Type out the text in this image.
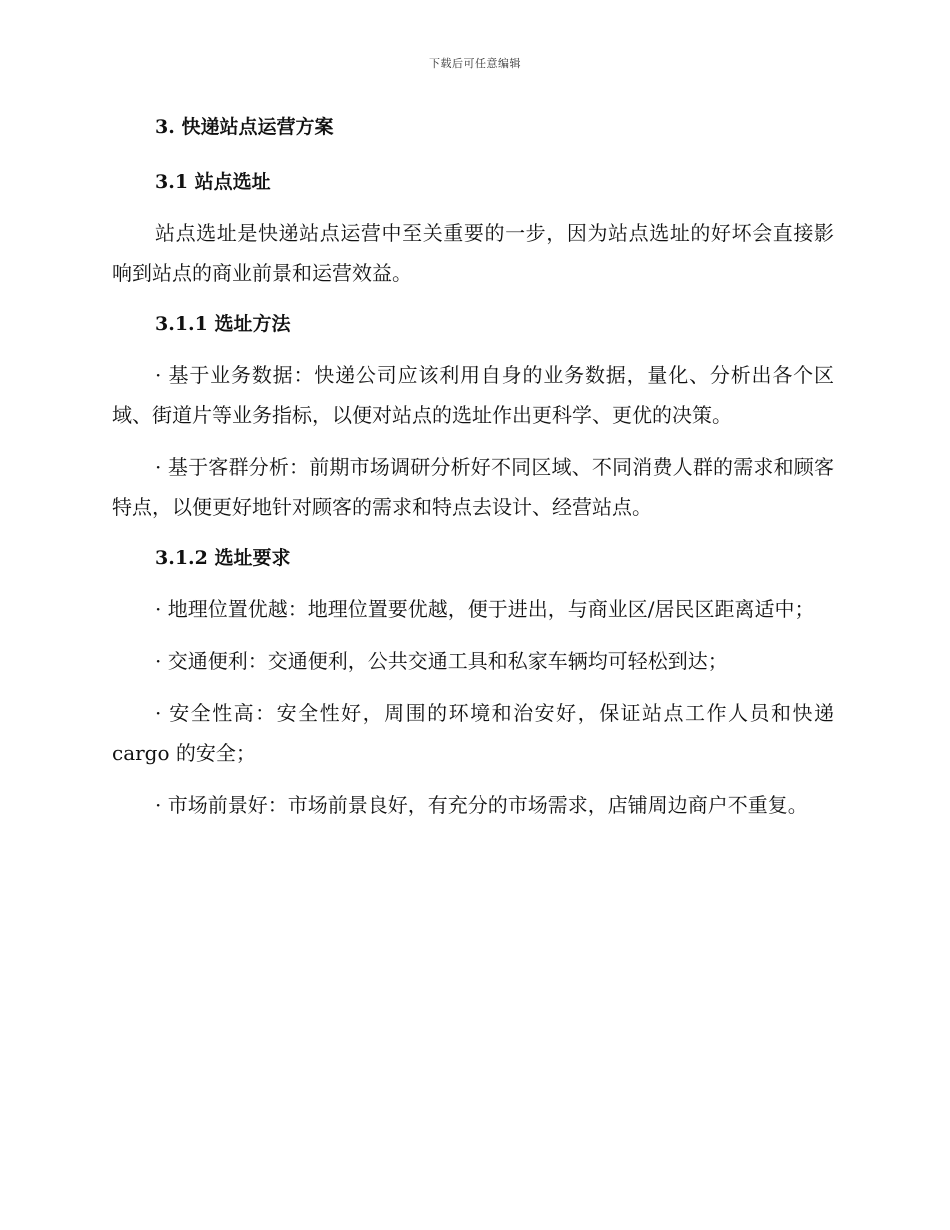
下载后可任意编辑
3. 快递站点运营方案
3.1 站点选址

站点选址是快递站点运营中至关重要的一步，因为站点选址的好坏会直接影响到站点的商业前景和运营效益。

3.1.1 选址方法

· 基于业务数据：快递公司应该利用自身的业务数据，量化、分析出各个区域、街道片等业务指标，以便对站点的选址作出更科学、更优的决策。

· 基于客群分析：前期市场调研分析好不同区域、不同消费人群的需求和顾客特点，以便更好地针对顾客的需求和特点去设计、经营站点。

3.1.2 选址要求

· 地理位置优越：地理位置要优越，便于进出，与商业区/居民区距离适中；

· 交通便利：交通便利，公共交通工具和私家车辆均可轻松到达；

· 安全性高：安全性好，周围的环境和治安好，保证站点工作人员和快递 cargo 的安全；

· 市场前景好：市场前景良好，有充分的市场需求，店铺周边商户不重复。
